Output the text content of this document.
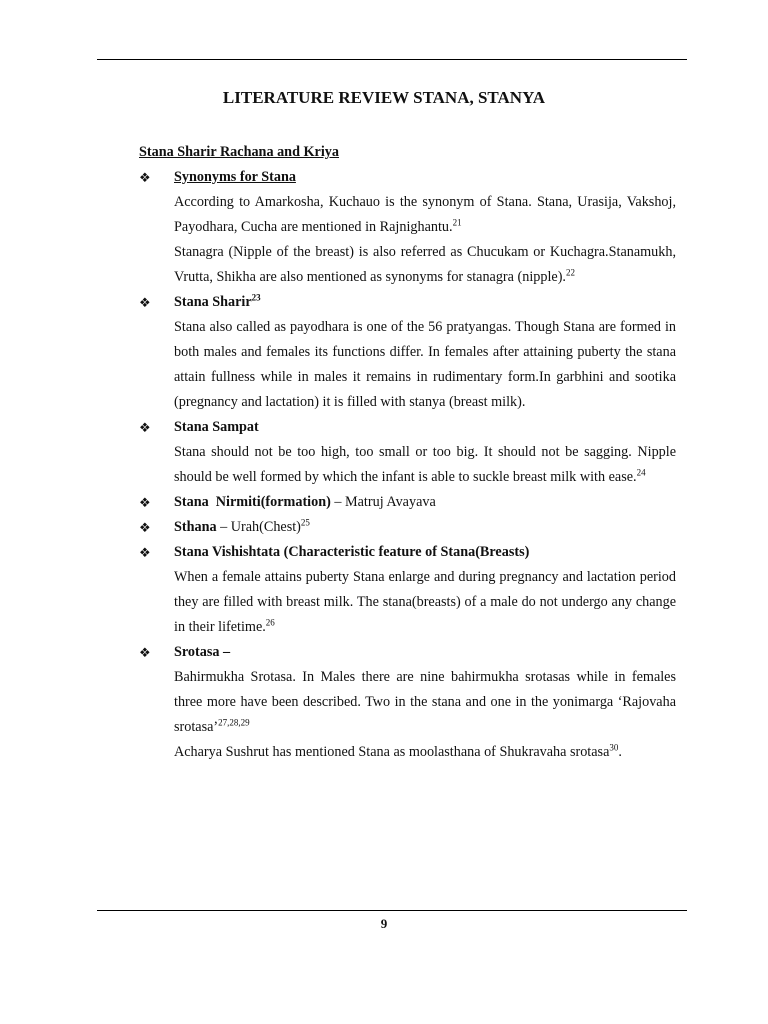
LITERATURE REVIEW STANA, STANYA

Stana Sharir Rachana and Kriya

❖ Synonyms for Stana

According to Amarkosha, Kuchauo is the synonym of Stana. Stana, Urasija, Vakshoj, Payodhara, Cucha are mentioned in Rajnighantu.$^{21}$

Stanagra (Nipple of the breast) is also referred as Chucukam or Kuchagra.Stanamukh, Vrutta, Shikha are also mentioned as synonyms for stanagra (nipple).$^{22}$

❖ Stana Sharir$^{23}$

Stana also called as payodhara is one of the 56 pratyangas. Though Stana are formed in both males and females its functions differ. In females after attaining puberty the stana attain fullness while in males it remains in rudimentary form.In garbhini and sootika (pregnancy and lactation) it is filled with stanya (breast milk).

❖ Stana Sampat

Stana should not be too high, too small or too big. It should not be sagging. Nipple should be well formed by which the infant is able to suckle breast milk with ease.$^{24}$

❖ Stana  Nirmiti(formation) – Matruj Avayava

❖ Sthana – Urah(Chest)$^{25}$

❖ Stana Vishishtata (Characteristic feature of Stana(Breasts)

When a female attains puberty Stana enlarge and during pregnancy and lactation period they are filled with breast milk. The stana(breasts) of a male do not undergo any change in their lifetime.$^{26}$

❖ Srotasa –

Bahirmukha Srotasa. In Males there are nine bahirmukha srotasas while in females three more have been described. Two in the stana and one in the yonimarga ‘Rajovaha srotasa’$^{27,28,29}$

Acharya Sushrut has mentioned Stana as moolasthana of Shukravaha srotasa$^{30}$.

9
